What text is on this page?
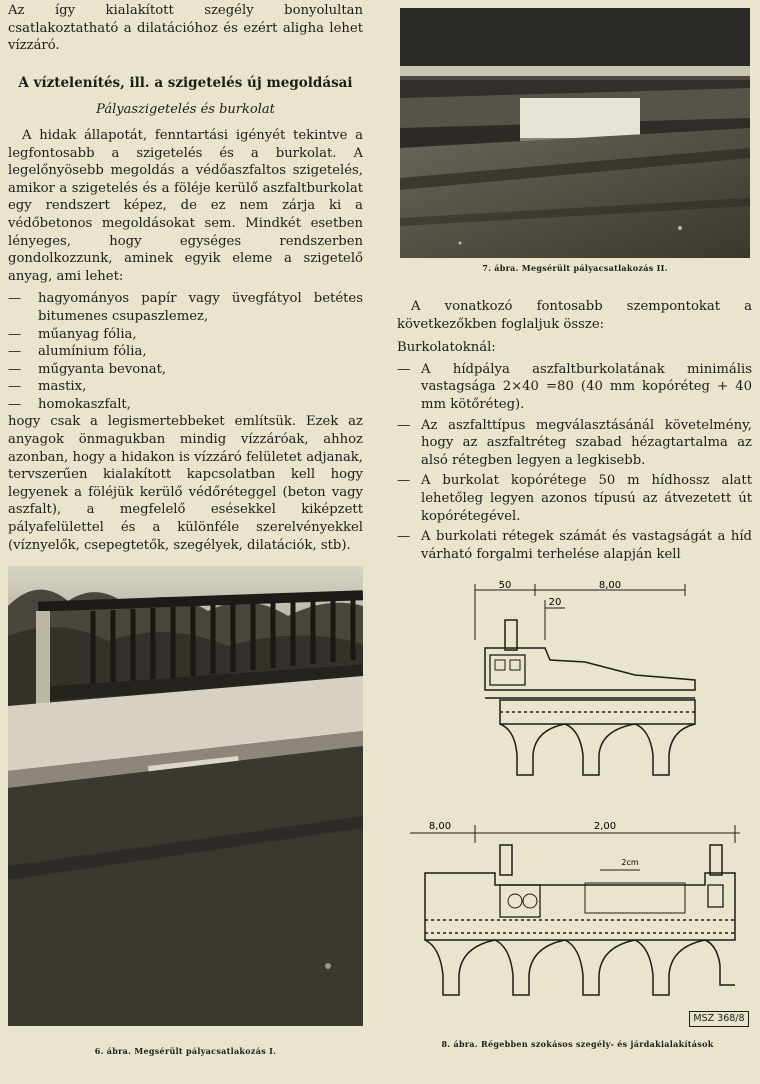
Az így kialakított szegély bonyolultan csatlakoztatható a dilatációhoz és ezért aligha lehet vízzáró.

A víztelenítés, ill. a szigetelés új megoldásai
Pályaszigetelés és burkolat

A hidak állapotát, fenntartási igényét tekintve a legfontosabb a szigetelés és a burkolat. A legelőnyösebb megoldás a védőaszfaltos szigetelés, amikor a szigetelés és a föléje kerülő aszfaltburkolat egy rendszert képez, de ez nem zárja ki a védőbetonos megoldásokat sem. Mindkét esetben lényeges, hogy egységes rendszerben gondolkozzunk, aminek egyik eleme a szigetelő anyag, ami lehet:

— hagyományos papír vagy üvegfátyol betétes bitumenes csupaszlemez,
— műanyag fólia,
— alumínium fólia,
— műgyanta bevonat,
— mastix,
— homokaszfalt,

hogy csak a legismertebbeket említsük. Ezek az anyagok önmagukban mindig vízzáróak, ahhoz azonban, hogy a hidakon is vízzáró felületet adjanak, tervszerűen kialakított kapcsolatban kell hogy legyenek a föléjük kerülő védőréteggel (beton vagy aszfalt), a megfelelő esésekkel kiképzett pályafelülettel és a különféle szerelvényekkel (víznyelők, csepegtetők, szegélyek, dilatációk, stb).

7. ábra. Megsérült pályacsatlakozás II.

A vonatkozó fontosabb szempontokat a következőkben foglaljuk össze:

Burkolatoknál:

— A hídpálya aszfaltburkolatának minimális vastagsága 2×40 =80 (40 mm kopóréteg + 40 mm kötőréteg).
— Az aszfalttípus megválasztásánál követelmény, hogy az aszfaltréteg szabad hézagtartalma az alsó rétegben legyen a legkisebb.
— A burkolat kopórétege 50 m hídhossz alatt lehetőleg legyen azonos típusú az átvezetett út kopórétegével.
— A burkolati rétegek számát és vastagságát a híd várható forgalmi terhelése alapján kell
6. ábra. Megsérült pályacsatlakozás I.
50	8,00
20
8,00	2,00
2cm
MSZ 368/8
8. ábra. Régebben szokásos szegély- és járdakialakítások
